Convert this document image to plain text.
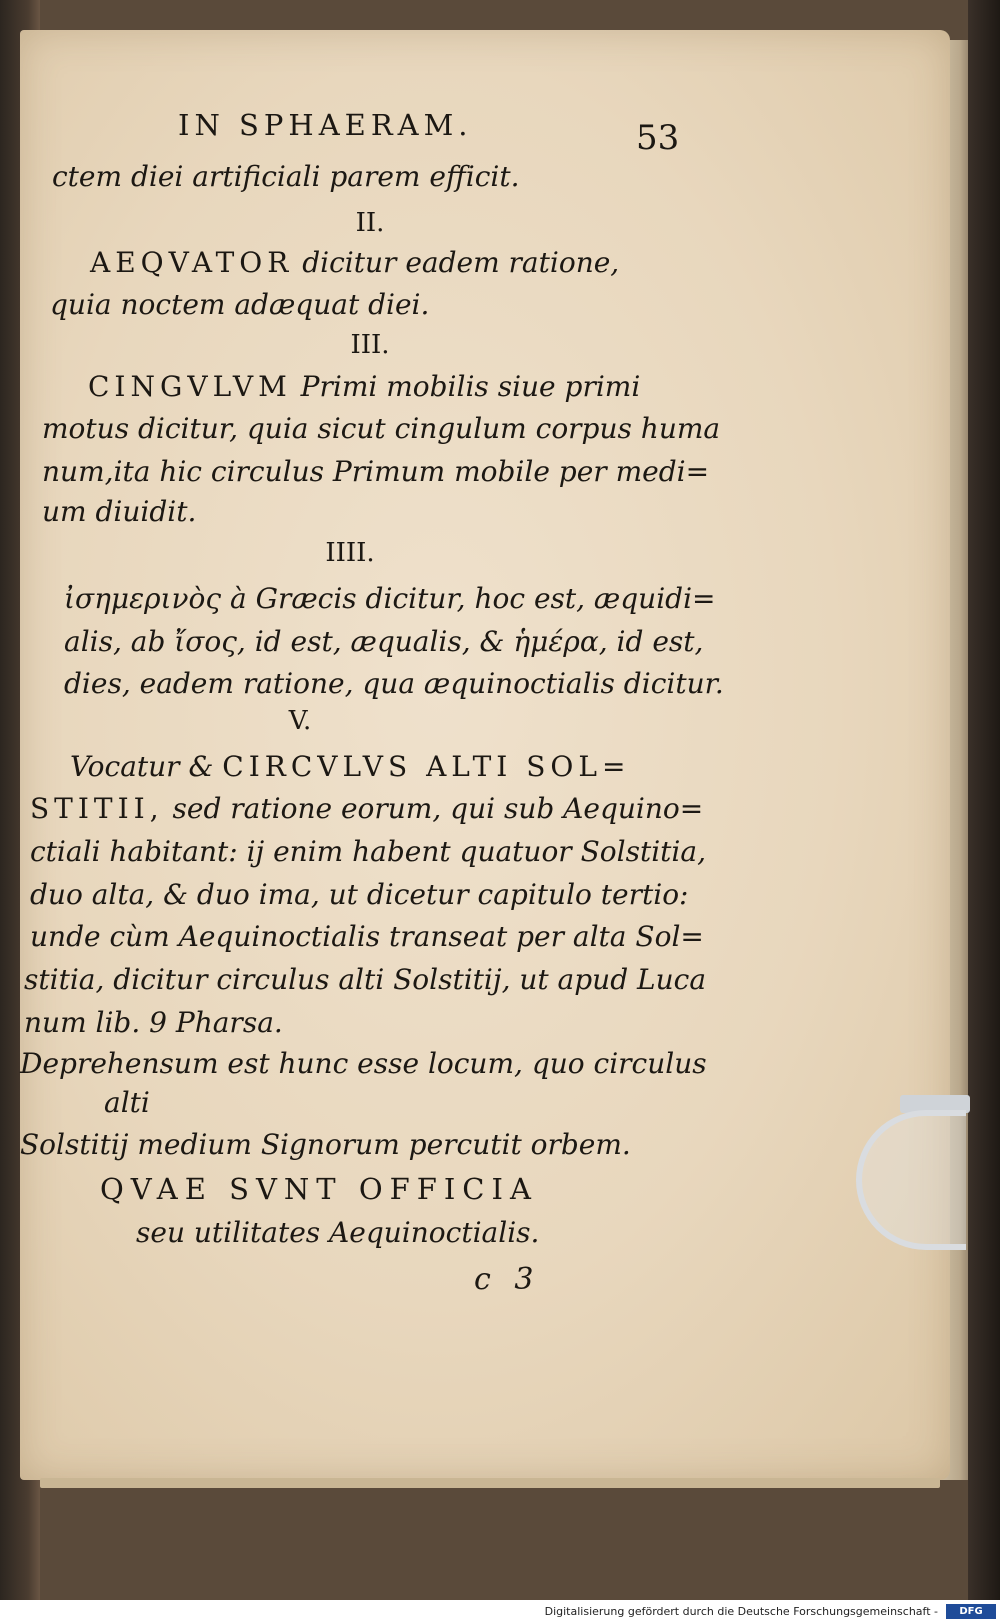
IN SPHAERAM.	53
ctem diei artificiali parem efficit.
II.
AEQVATOR dicitur eadem ratione,
quia noctem adæquat diei.
III.
CINGVLVM Primi mobilis siue primi
motus dicitur, quia sicut cingulum corpus huma
num,ita hic circulus Primum mobile per medi=
um diuidit.
IIII.
ἰσημερινὸς à Græcis dicitur, hoc est, æquidi=
alis, ab ἴσος, id est, æqualis, & ἡμέρα, id est,
dies, eadem ratione, qua æquinoctialis dicitur.
V.
Vocatur & CIRCVLVS ALTI SOL=
STITII, sed ratione eorum, qui sub Aequino=
ctiali habitant: ij enim habent quatuor Solstitia,
duo alta, & duo ima, ut dicetur capitulo tertio:
unde cùm Aequinoctialis transeat per alta Sol=
stitia, dicitur circulus alti Solstitij, ut apud Luca
num lib. 9 Pharsa.
Deprehensum est hunc esse locum, quo circulus
alti
Solstitij medium Signorum percutit orbem.
QVAE SVNT OFFICIA
seu utilitates Aequinoctialis.
c 3
Digitalisierung gefördert durch die Deutsche Forschungsgemeinschaft -	DFG
